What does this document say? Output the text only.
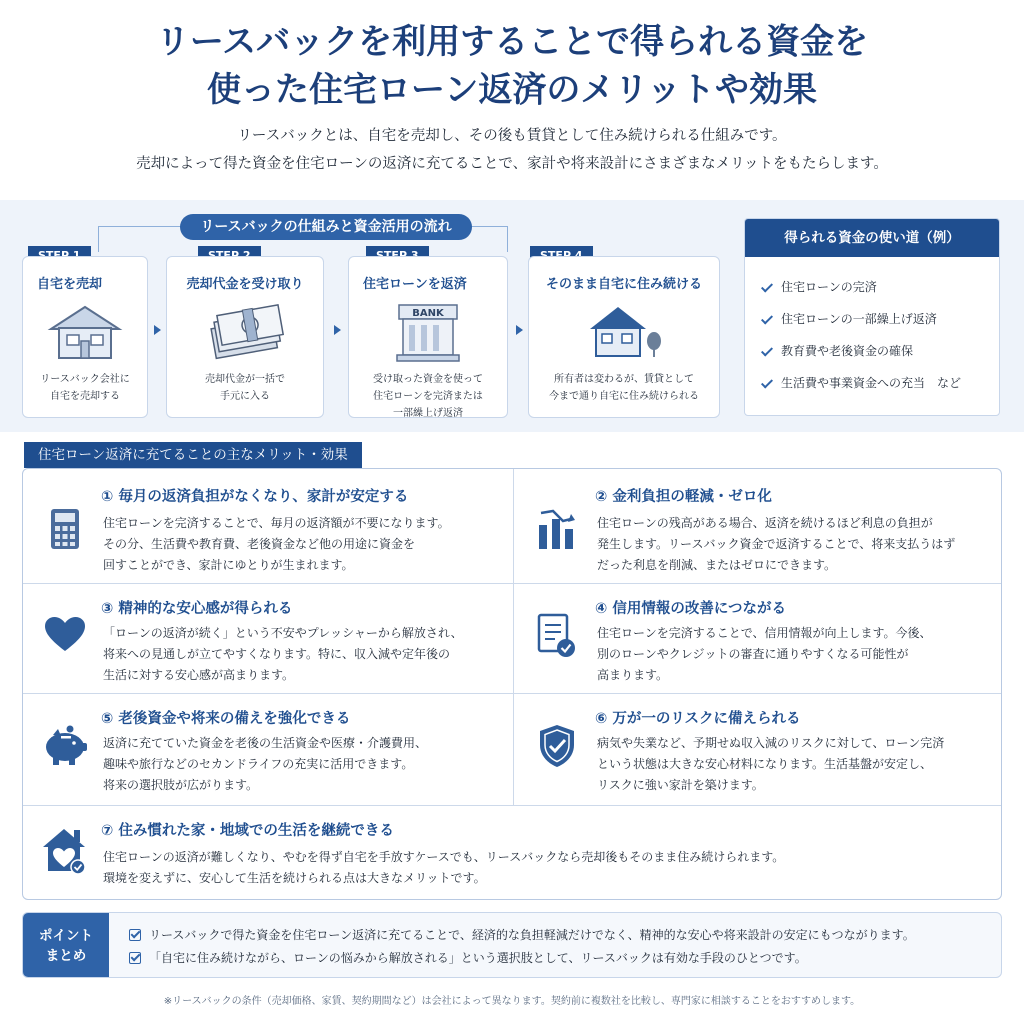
リースバックを利用することで得られる資金を
使った住宅ローン返済のメリットや効果
リースバックとは、自宅を売却し、その後も賃貸として住み続けられる仕組みです。
売却によって得た資金を住宅ローンの返済に充てることで、家計や将来設計にさまざまなメリットをもたらします。
リースバックの仕組みと資金活用の流れ
自宅を売却
リースバック会社に
自宅を売却する
売却代金を受け取り
売却代金が一括で
手元に入る
住宅ローンを返済
BANK
受け取った資金を使って
住宅ローンを完済または
一部繰上げ返済
そのまま自宅に住み続ける
所有者は変わるが、賃貸として
今まで通り自宅に住み続けられる
得られる資金の使い道（例）
住宅ローンの完済
住宅ローンの一部繰上げ返済
教育費や老後資金の確保
生活費や事業資金への充当　など
住宅ローン返済に充てることの主なメリット・効果
① 毎月の返済負担がなくなり、家計が安定する
住宅ローンを完済することで、毎月の返済額が不要になります。
その分、生活費や教育費、老後資金など他の用途に資金を
回すことができ、家計にゆとりが生まれます。
② 金利負担の軽減・ゼロ化
住宅ローンの残高がある場合、返済を続けるほど利息の負担が
発生します。リースバック資金で返済することで、将来支払うはず
だった利息を削減、またはゼロにできます。
③ 精神的な安心感が得られる
「ローンの返済が続く」という不安やプレッシャーから解放され、
将来への見通しが立てやすくなります。特に、収入減や定年後の
生活に対する安心感が高まります。
④ 信用情報の改善につながる
住宅ローンを完済することで、信用情報が向上します。今後、
別のローンやクレジットの審査に通りやすくなる可能性が
高まります。
⑤ 老後資金や将来の備えを強化できる
返済に充てていた資金を老後の生活資金や医療・介護費用、
趣味や旅行などのセカンドライフの充実に活用できます。
将来の選択肢が広がります。
⑥ 万が一のリスクに備えられる
病気や失業など、予期せぬ収入減のリスクに対して、ローン完済
という状態は大きな安心材料になります。生活基盤が安定し、
リスクに強い家計を築けます。
⑦ 住み慣れた家・地域での生活を継続できる
住宅ローンの返済が難しくなり、やむを得ず自宅を手放すケースでも、リースバックなら売却後もそのまま住み続けられます。
環境を変えずに、安心して生活を続けられる点は大きなメリットです。
ポイント
まとめ
リースバックで得た資金を住宅ローン返済に充てることで、経済的な負担軽減だけでなく、精神的な安心や将来設計の安定にもつながります。
「自宅に住み続けながら、ローンの悩みから解放される」という選択肢として、リースバックは有効な手段のひとつです。
※リースバックの条件（売却価格、家賃、契約期間など）は会社によって異なります。契約前に複数社を比較し、専門家に相談することをおすすめします。
